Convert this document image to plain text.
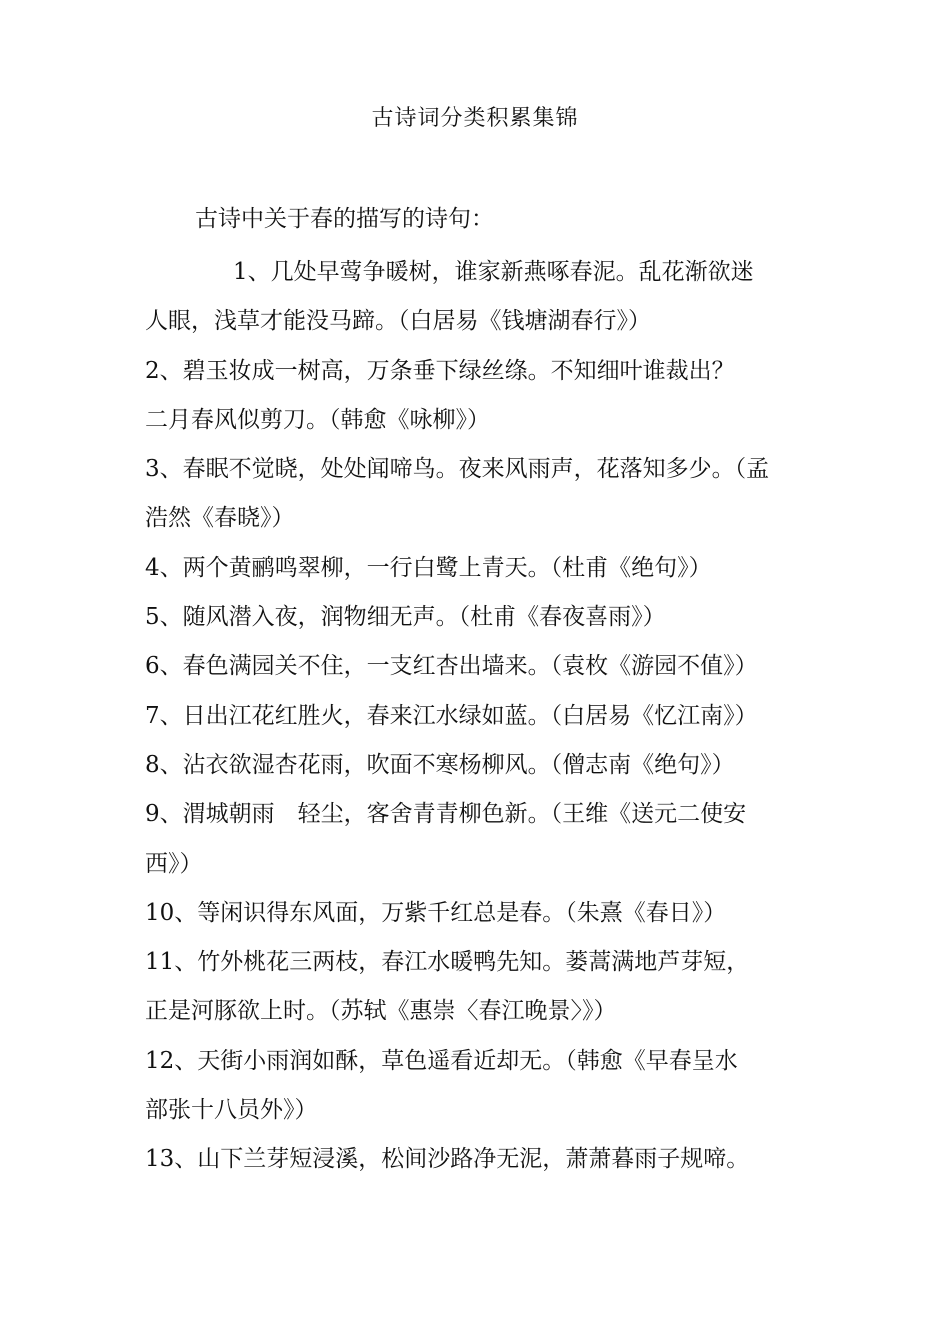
古诗词分类积累集锦
古诗中关于春的描写的诗句：
1、几处早莺争暖树，谁家新燕啄春泥。乱花渐欲迷
人眼，浅草才能没马蹄。（白居易《钱塘湖春行》）
2、碧玉妆成一树高，万条垂下绿丝绦。不知细叶谁裁出？
二月春风似剪刀。（韩愈《咏柳》）
3、春眠不觉晓，处处闻啼鸟。夜来风雨声，花落知多少。（孟
浩然《春晓》）
4、两个黄鹂鸣翠柳，一行白鹭上青天。（杜甫《绝句》）
5、随风潜入夜，润物细无声。（杜甫《春夜喜雨》）
6、春色满园关不住，一支红杏出墙来。（袁枚《游园不值》）
7、日出江花红胜火，春来江水绿如蓝。（白居易《忆江南》）
8、沾衣欲湿杏花雨，吹面不寒杨柳风。（僧志南《绝句》）
9、渭城朝雨　轻尘，客舍青青柳色新。（王维《送元二使安
西》）
10、等闲识得东风面，万紫千红总是春。（朱熹《春日》）
11、竹外桃花三两枝，春江水暖鸭先知。蒌蒿满地芦芽短，
正是河豚欲上时。（苏轼《惠崇〈春江晚景〉》）
12、天街小雨润如酥，草色遥看近却无。（韩愈《早春呈水
部张十八员外》）
13、山下兰芽短浸溪，松间沙路净无泥，萧萧暮雨子规啼。
